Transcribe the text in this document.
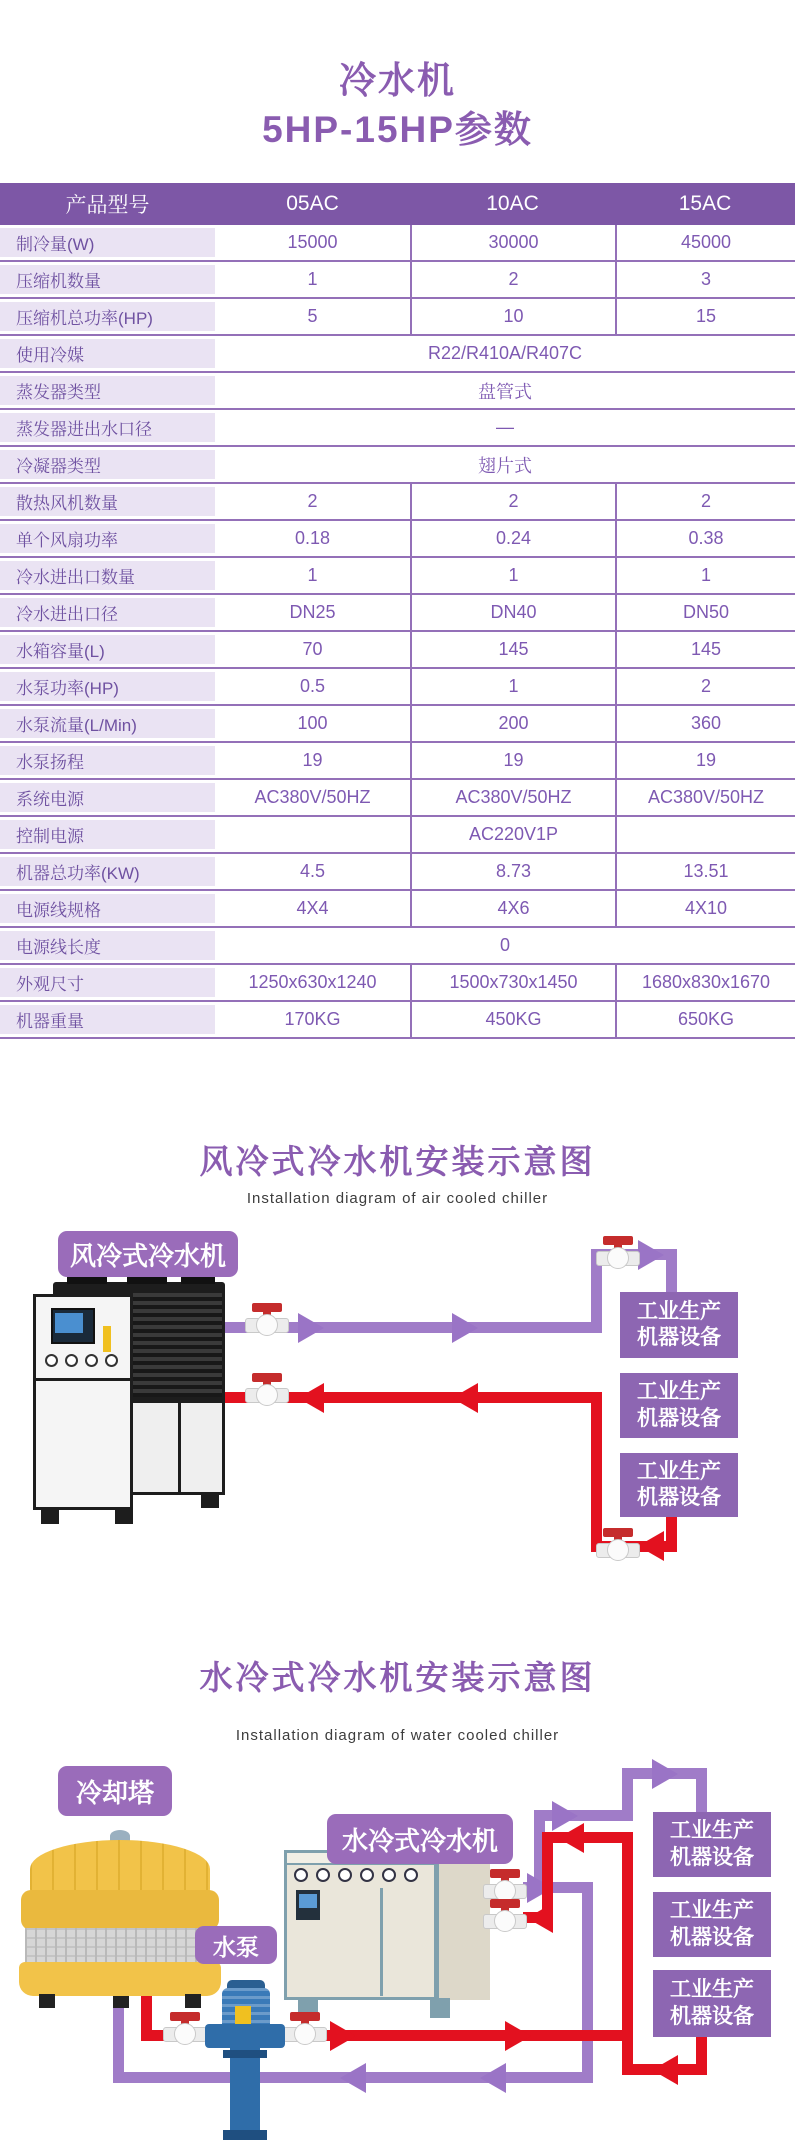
冷水机
5HP-15HP参数
产品型号	05AC	10AC	15AC
制冷量(W)	15000	30000	45000
压缩机数量	1	2	3
压缩机总功率(HP)	5	10	15
使用冷媒	R22/R410A/R407C
蒸发器类型	盘管式
蒸发器进出水口径	—
冷凝器类型	翅片式
散热风机数量	2	2	2
单个风扇功率	0.18	0.24	0.38
冷水进出口数量	1	1	1
冷水进出口径	DN25	DN40	DN50
水箱容量(L)	70	145	145
水泵功率(HP)	0.5	1	2
水泵流量(L/Min)	100	200	360
水泵扬程	19	19	19
系统电源	AC380V/50HZ	AC380V/50HZ	AC380V/50HZ
控制电源	AC220V1P
机器总功率(KW)	4.5	8.73	13.51
电源线规格	4X4	4X6	4X10
电源线长度	0
外观尺寸	1250x630x1240	1500x730x1450	1680x830x1670
机器重量	170KG	450KG	650KG
风冷式冷水机安装示意图
Installation diagram of air cooled chiller
工业生产
机器设备
工业生产
机器设备
工业生产
机器设备
风冷式冷水机
水冷式冷水机安装示意图
Installation diagram of water cooled chiller
工业生产
机器设备
工业生产
机器设备
工业生产
机器设备
冷却塔
水冷式冷水机
水泵
